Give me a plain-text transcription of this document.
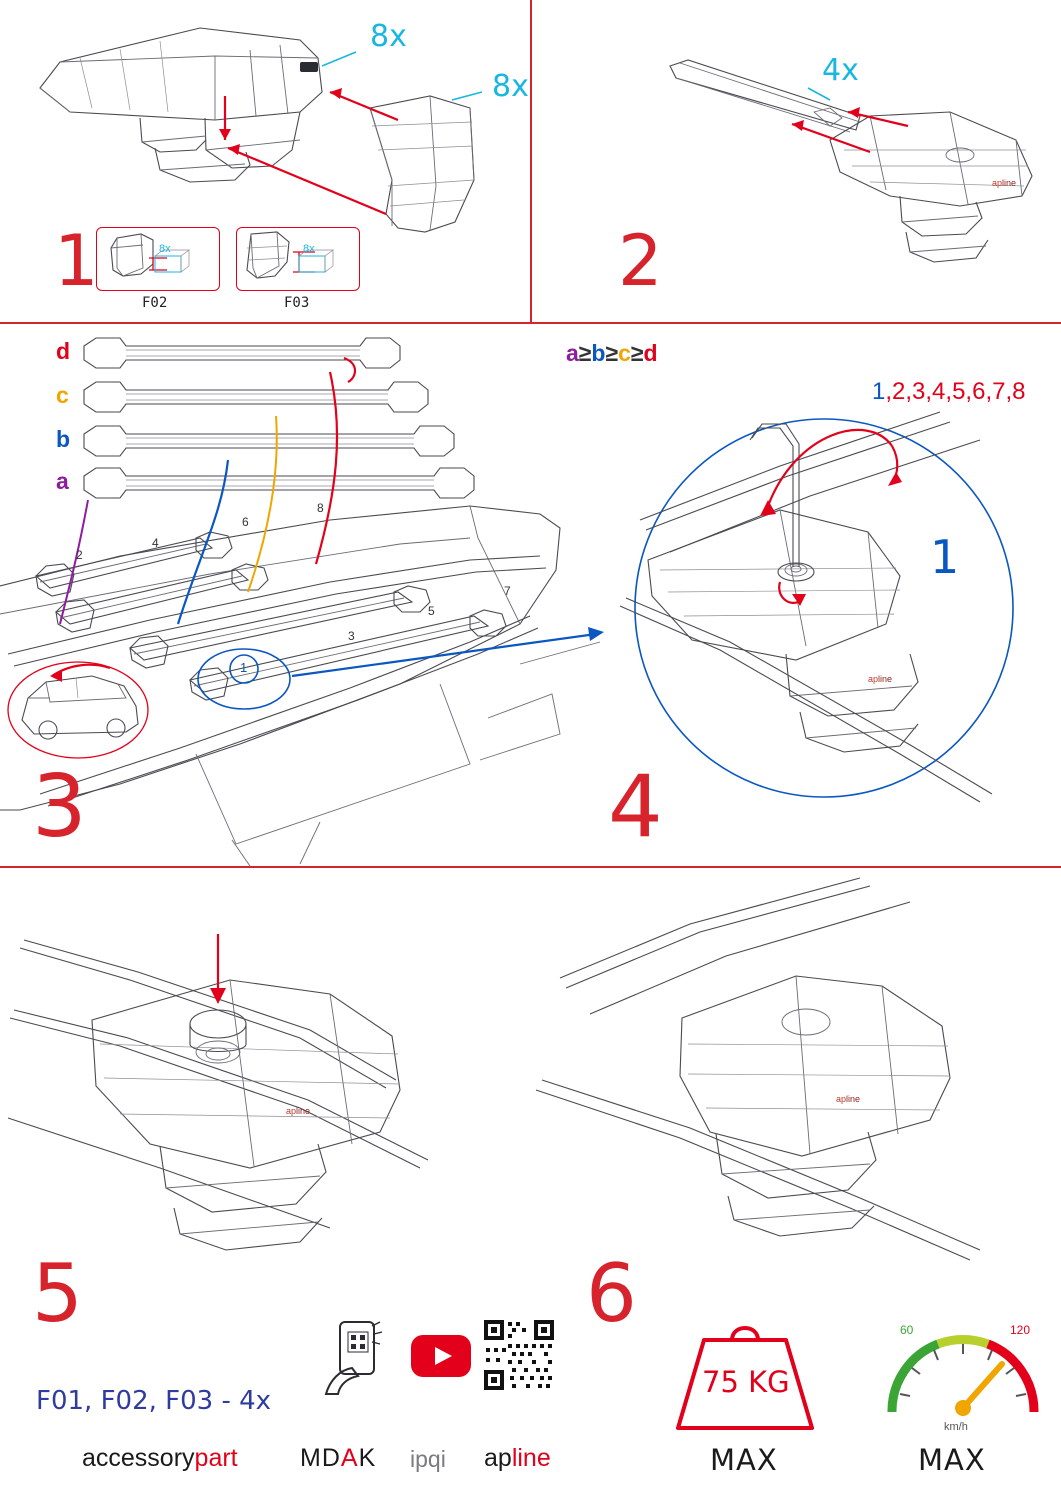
8x
8x
8x
F02
8x
F03
1
apline
4x
2
d
c
b
a
2
4
6
8
7
5
3
1
3
a≥b≥c≥d
apline
1
1,2,3,4,5,6,7,8
4
apline
5
F01, F02, F03 - 4x
accessorypart MDAK ipqi apline
apline
6
75 KG
MAX
60	120
km/h
MAX
